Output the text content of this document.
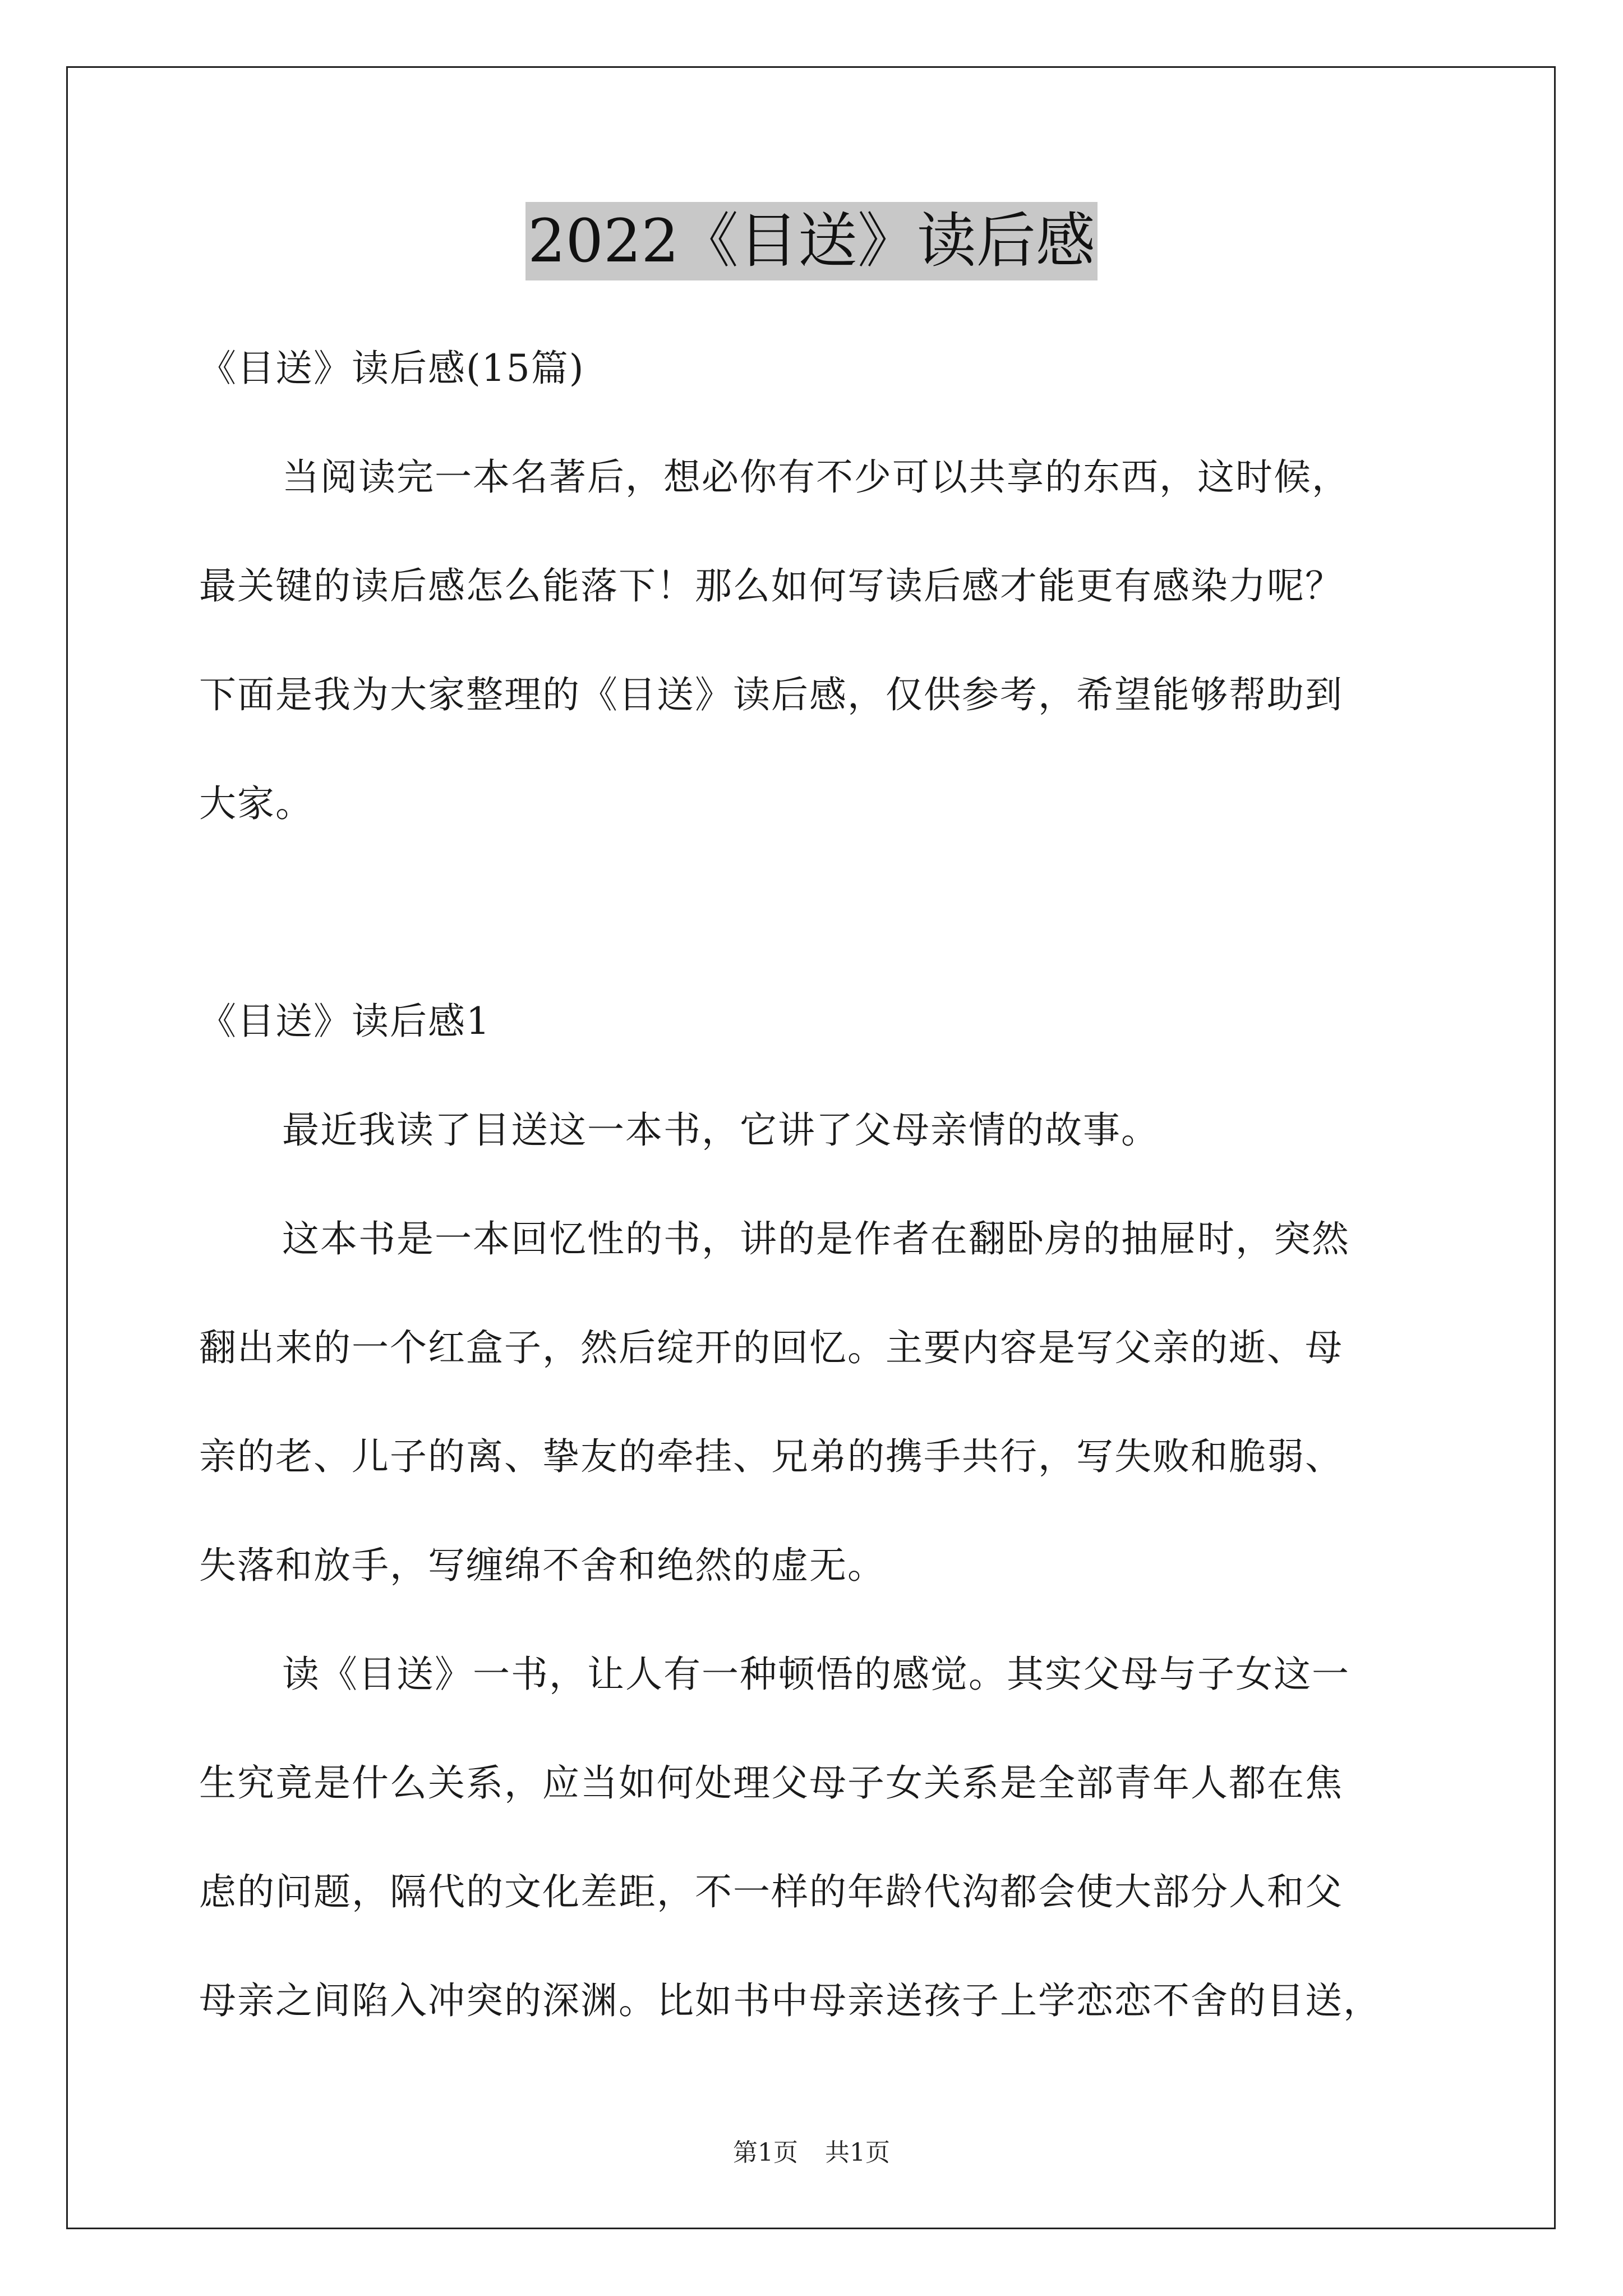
2022《目送》读后感
《目送》读后感(15篇)
当阅读完一本名著后，想必你有不少可以共享的东西，这时候，
最关键的读后感怎么能落下！那么如何写读后感才能更有感染力呢？
下面是我为大家整理的《目送》读后感，仅供参考，希望能够帮助到
大家。
《目送》读后感1
最近我读了目送这一本书，它讲了父母亲情的故事。
这本书是一本回忆性的书，讲的是作者在翻卧房的抽屉时，突然
翻出来的一个红盒子，然后绽开的回忆。主要内容是写父亲的逝、母
亲的老、儿子的离、挚友的牵挂、兄弟的携手共行，写失败和脆弱、
失落和放手，写缠绵不舍和绝然的虚无。
读《目送》一书，让人有一种顿悟的感觉。其实父母与子女这一
生究竟是什么关系，应当如何处理父母子女关系是全部青年人都在焦
虑的问题，隔代的文化差距，不一样的年龄代沟都会使大部分人和父
母亲之间陷入冲突的深渊。比如书中母亲送孩子上学恋恋不舍的目送，
第1页 共1页
